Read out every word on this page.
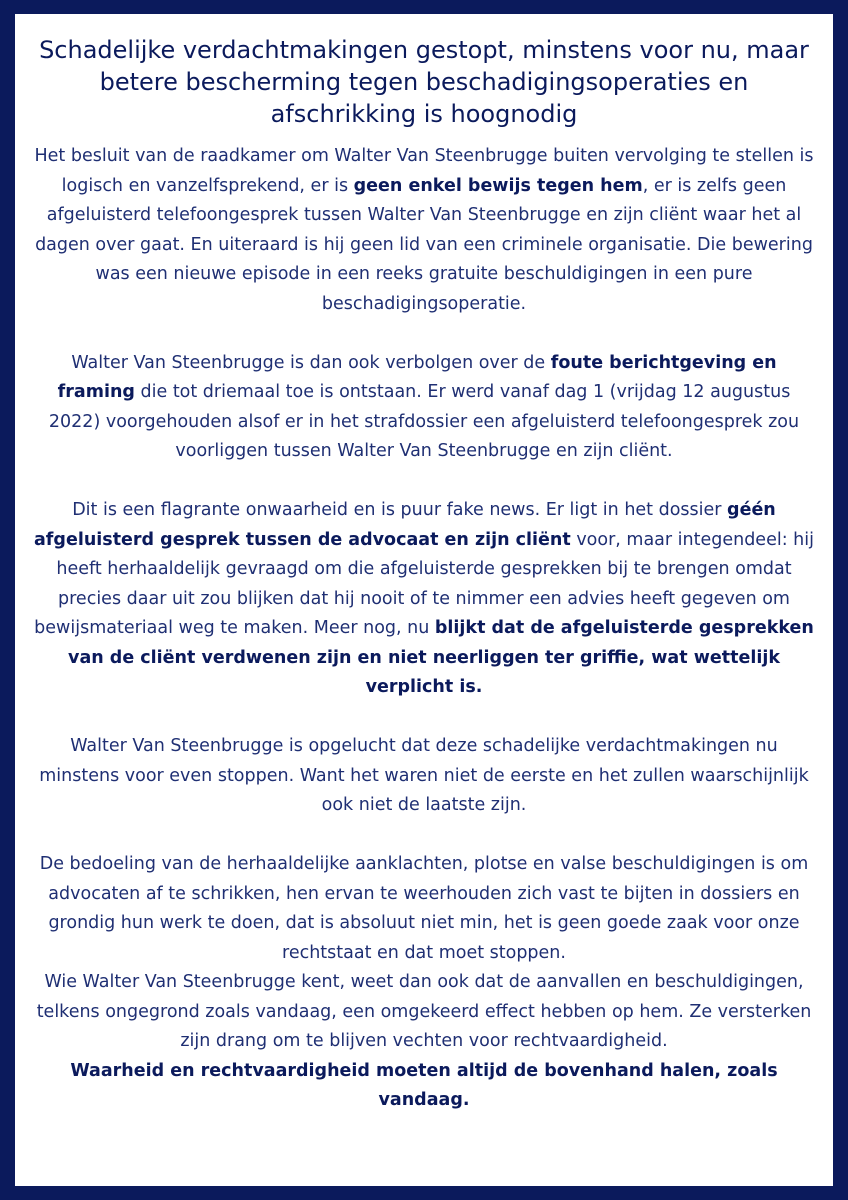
Schadelijke verdachtmakingen gestopt, minstens voor nu, maar betere bescherming tegen beschadigingsoperaties en afschrikking is hoognodig

Het besluit van de raadkamer om Walter Van Steenbrugge buiten vervolging te stellen is logisch en vanzelfsprekend, er is geen enkel bewijs tegen hem, er is zelfs geen afgeluisterd telefoongesprek tussen Walter Van Steenbrugge en zijn cliënt waar het al dagen over gaat. En uiteraard is hij geen lid van een criminele organisatie. Die bewering was een nieuwe episode in een reeks gratuite beschuldigingen in een pure beschadigingsoperatie.

Walter Van Steenbrugge is dan ook verbolgen over de foute berichtgeving en framing die tot driemaal toe is ontstaan. Er werd vanaf dag 1 (vrijdag 12 augustus 2022) voorgehouden alsof er in het strafdossier een afgeluisterd telefoongesprek zou voorliggen tussen Walter Van Steenbrugge en zijn cliënt.

Dit is een flagrante onwaarheid en is puur fake news. Er ligt in het dossier géén afgeluisterd gesprek tussen de advocaat en zijn cliënt voor, maar integendeel: hij heeft herhaaldelijk gevraagd om die afgeluisterde gesprekken bij te brengen omdat precies daar uit zou blijken dat hij nooit of te nimmer een advies heeft gegeven om bewijsmateriaal weg te maken. Meer nog, nu blijkt dat de afgeluisterde gesprekken van de cliënt verdwenen zijn en niet neerliggen ter griffie, wat wettelijk verplicht is.

Walter Van Steenbrugge is opgelucht dat deze schadelijke verdachtmakingen nu minstens voor even stoppen. Want het waren niet de eerste en het zullen waarschijnlijk ook niet de laatste zijn.

De bedoeling van de herhaaldelijke aanklachten, plotse en valse beschuldigingen is om advocaten af te schrikken, hen ervan te weerhouden zich vast te bijten in dossiers en grondig hun werk te doen, dat is absoluut niet min, het is geen goede zaak voor onze rechtstaat en dat moet stoppen.

Wie Walter Van Steenbrugge kent, weet dan ook dat de aanvallen en beschuldigingen, telkens ongegrond zoals vandaag, een omgekeerd effect hebben op hem. Ze versterken zijn drang om te blijven vechten voor rechtvaardigheid.

Waarheid en rechtvaardigheid moeten altijd de bovenhand halen, zoals vandaag.
